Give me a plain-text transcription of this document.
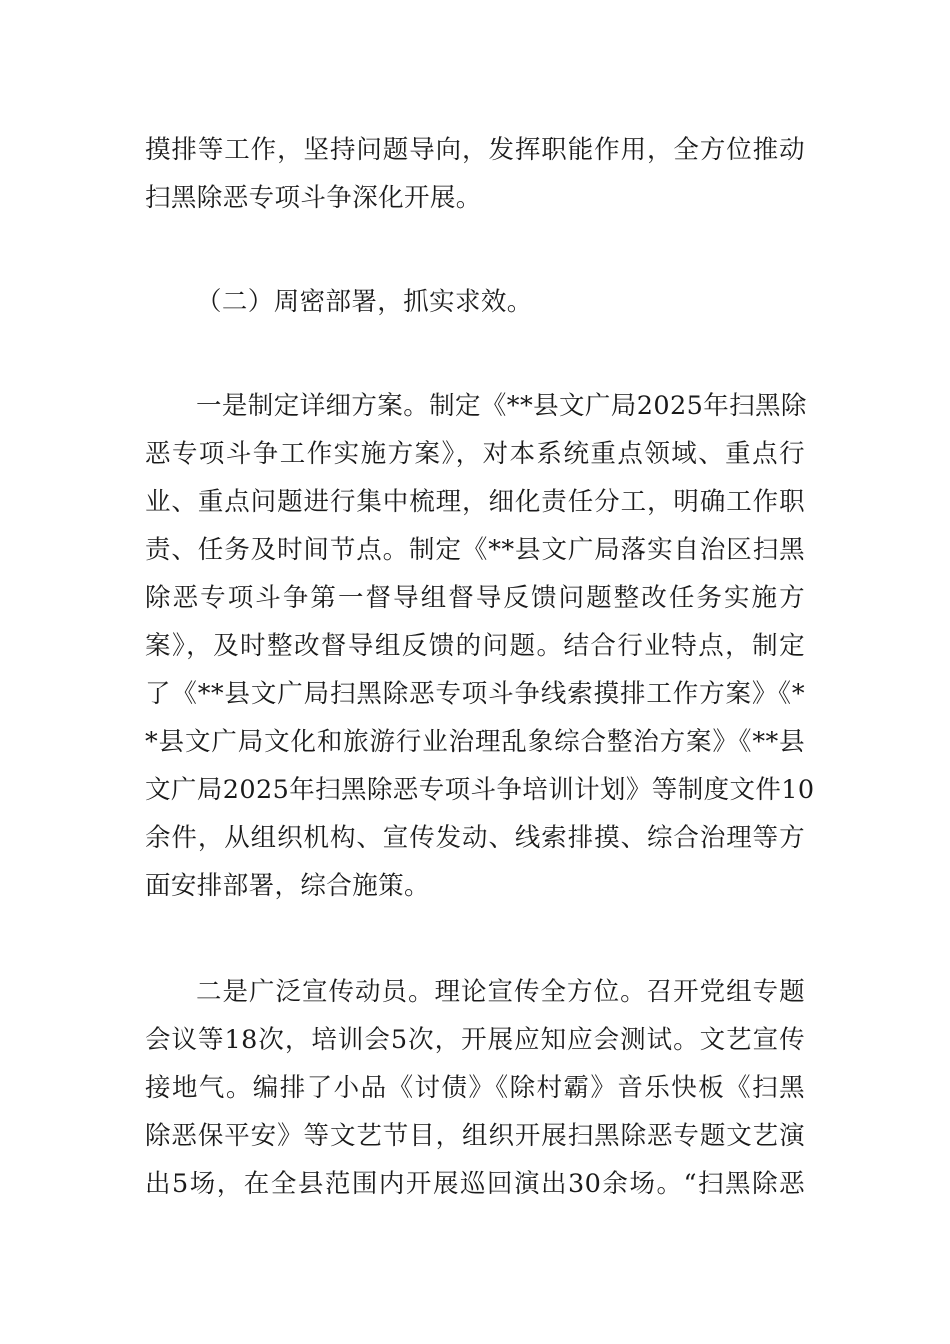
摸排等工作，坚持问题导向，发挥职能作用，全方位推动
扫黑除恶专项斗争深化开展。
（二）周密部署，抓实求效。
一是制定详细方案。制定《**县文广局2025年扫黑除
恶专项斗争工作实施方案》，对本系统重点领域、重点行
业、重点问题进行集中梳理，细化责任分工，明确工作职
责、任务及时间节点。制定《**县文广局落实自治区扫黑
除恶专项斗争第一督导组督导反馈问题整改任务实施方
案》，及时整改督导组反馈的问题。结合行业特点，制定
了《**县文广局扫黑除恶专项斗争线索摸排工作方案》《*
*县文广局文化和旅游行业治理乱象综合整治方案》《**县
文广局2025年扫黑除恶专项斗争培训计划》等制度文件10
余件，从组织机构、宣传发动、线索排摸、综合治理等方
面安排部署，综合施策。
二是广泛宣传动员。理论宣传全方位。召开党组专题
会议等18次，培训会5次，开展应知应会测试。文艺宣传
接地气。编排了小品《讨债》《除村霸》音乐快板《扫黑
除恶保平安》等文艺节目，组织开展扫黑除恶专题文艺演
出5场，在全县范围内开展巡回演出30余场。“扫黑除恶
